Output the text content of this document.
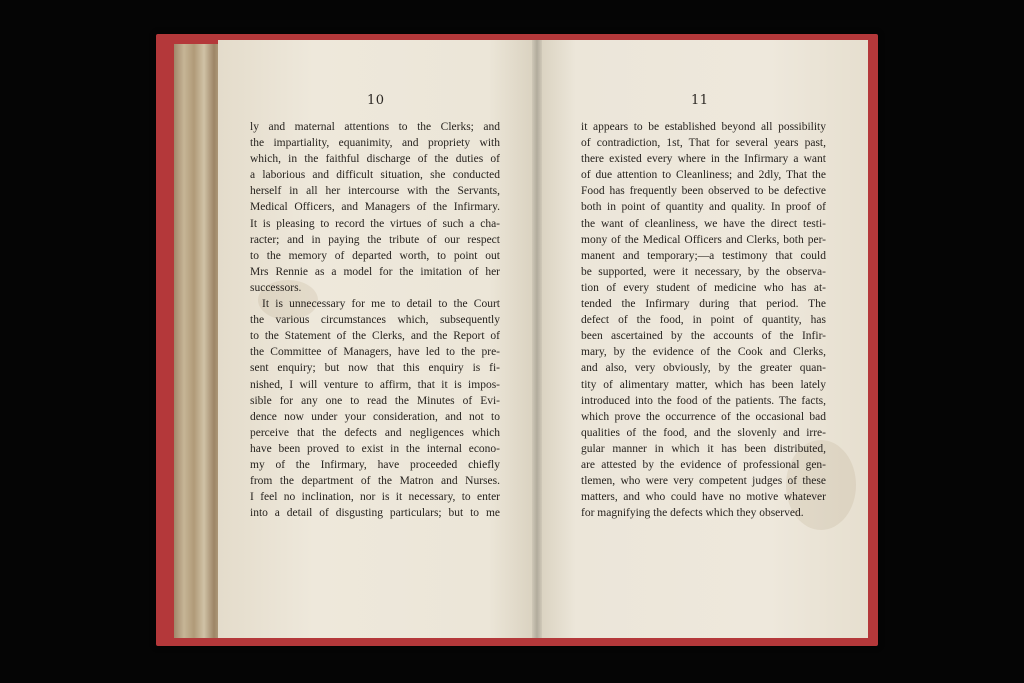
10

ly and maternal attentions to the Clerks; and
the impartiality, equanimity, and propriety with
which, in the faithful discharge of the duties of
a laborious and difficult situation, she conducted
herself in all her intercourse with the Servants,
Medical Officers, and Managers of the Infirmary.
It is pleasing to record the virtues of such a cha-
racter; and in paying the tribute of our respect
to the memory of departed worth, to point out
Mrs Rennie as a model for the imitation of her
successors.
It is unnecessary for me to detail to the Court
the various circumstances which, subsequently
to the Statement of the Clerks, and the Report of
the Committee of Managers, have led to the pre-
sent enquiry; but now that this enquiry is fi-
nished, I will venture to affirm, that it is impos-
sible for any one to read the Minutes of Evi-
dence now under your consideration, and not to
perceive that the defects and negligences which
have been proved to exist in the internal econo-
my of the Infirmary, have proceeded chiefly
from the department of the Matron and Nurses.
I feel no inclination, nor is it necessary, to enter
into a detail of disgusting particulars; but to me

11

it appears to be established beyond all possibility
of contradiction, 1st, That for several years past,
there existed every where in the Infirmary a want
of due attention to Cleanliness; and 2dly, That the
Food has frequently been observed to be defective
both in point of quantity and quality. In proof of
the want of cleanliness, we have the direct testi-
mony of the Medical Officers and Clerks, both per-
manent and temporary;—a testimony that could
be supported, were it necessary, by the observa-
tion of every student of medicine who has at-
tended the Infirmary during that period. The
defect of the food, in point of quantity, has
been ascertained by the accounts of the Infir-
mary, by the evidence of the Cook and Clerks,
and also, very obviously, by the greater quan-
tity of alimentary matter, which has been lately
introduced into the food of the patients. The facts,
which prove the occurrence of the occasional bad
qualities of the food, and the slovenly and irre-
gular manner in which it has been distributed,
are attested by the evidence of professional gen-
tlemen, who were very competent judges of these
matters, and who could have no motive whatever
for magnifying the defects which they observed.
